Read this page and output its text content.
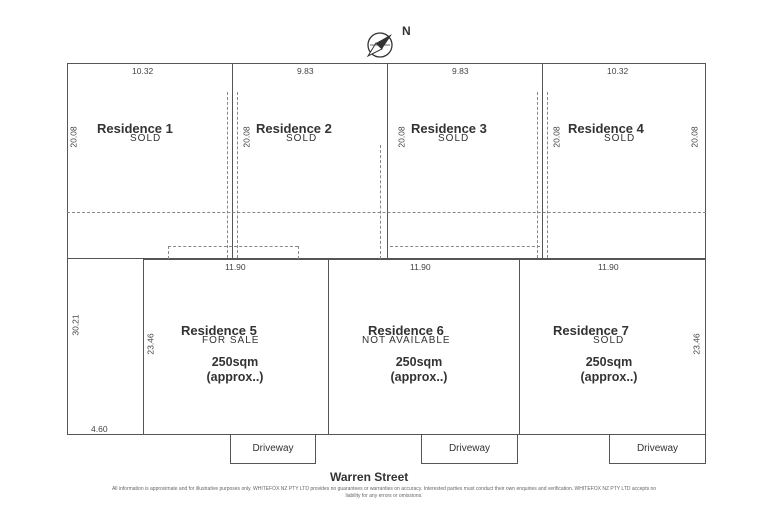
N
10.32	9.83	9.83	10.32
20.08	20.08	20.08	20.08	20.08
Residence 1
SOLD
Residence 2
SOLD
Residence 3
SOLD
Residence 4
SOLD
11.90	11.90	11.90
23.46	23.46
30.21
4.60
Residence 5
FOR SALE
250sqm
(approx..)
Residence 6
NOT AVAILABLE
250sqm
(approx..)
Residence 7
SOLD
250sqm
(approx..)
Driveway	Driveway	Driveway
Warren Street
All information is approximate and for illustrative purposes only. WHITEFOX NZ PTY LTD provides no guarantees or warranties on accuracy. Interested parties must conduct their own enquiries and verification. WHITEFOX NZ PTY LTD accepts no liability for any errors or omissions.
